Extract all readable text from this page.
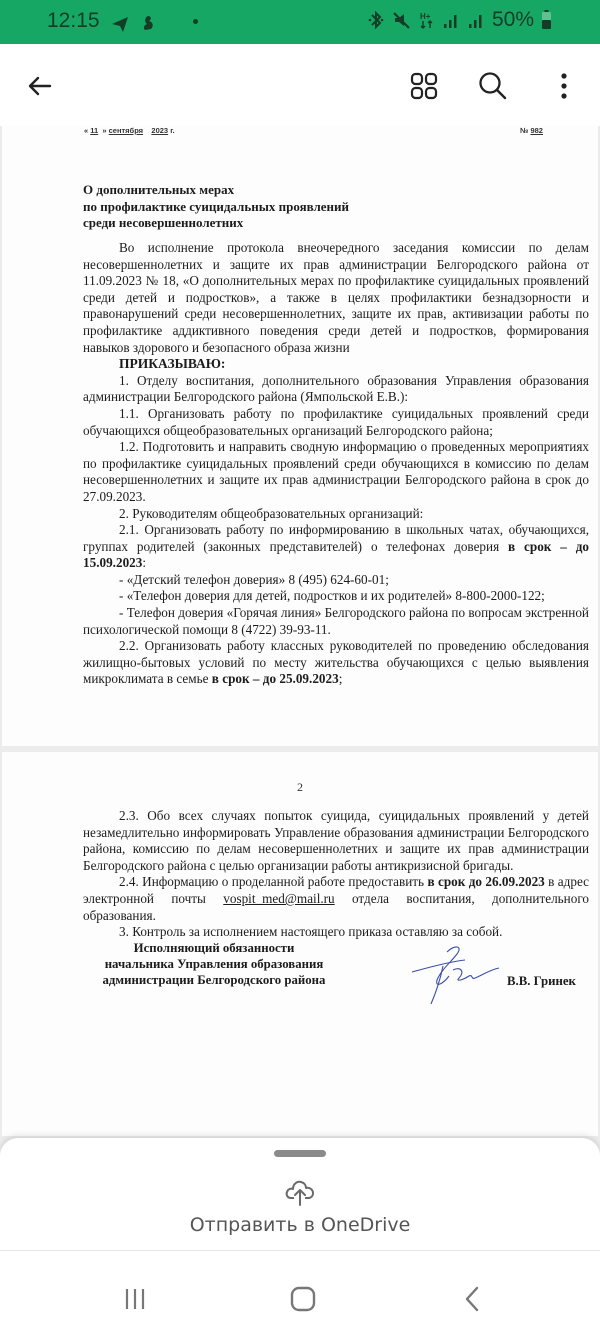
12:15	H+	50%
« 11 » сентября 2023 г.	№ 982
О дополнительных мерах
по профилактике суицидальных проявлений
среди несовершеннолетних

Во исполнение протокола внеочередного заседания комиссии по делам несовершеннолетних и защите их прав администрации Белгородского района от 11.09.2023 № 18, «О дополнительных мерах по профилактике суицидальных проявлений среди детей и подростков», а также в целях профилактики безнадзорности и правонарушений среди несовершеннолетних, защите их прав, активизации работы по профилактике аддиктивного поведения среди детей и подростков, формирования навыков здорового и безопасного образа жизни

ПРИКАЗЫВАЮ:

1. Отделу воспитания, дополнительного образования Управления образования администрации Белгородского района (Ямпольской Е.В.):

1.1. Организовать работу по профилактике суицидальных проявлений среди обучающихся общеобразовательных организаций Белгородского района;

1.2. Подготовить и направить сводную информацию о проведенных мероприятиях по профилактике суицидальных проявлений среди обучающихся в комиссию по делам несовершеннолетних и защите их прав администрации Белгородского района в срок до 27.09.2023.

2. Руководителям общеобразовательных организаций:

2.1. Организовать работу по информированию в школьных чатах, обучающихся, группах родителей (законных представителей) о телефонах доверия в срок – до 15.09.2023:

- «Детский телефон доверия» 8 (495) 624-60-01;

- «Телефон доверия для детей, подростков и их родителей» 8-800-2000-122;

- Телефон доверия «Горячая линия» Белгородского района по вопросам экстренной психологической помощи 8 (4722) 39-93-11.

2.2. Организовать работу классных руководителей по проведению обследования жилищно-бытовых условий по месту жительства обучающихся с целью выявления микроклимата в семье в срок – до 25.09.2023;

2

2.3. Обо всех случаях попыток суицида, суицидальных проявлений у детей незамедлительно информировать Управление образования администрации Белгородского района, комиссию по делам несовершеннолетних и защите их прав администрации Белгородского района с целью организации работы антикризисной бригады.

2.4. Информацию о проделанной работе предоставить в срок до 26.09.2023 в адрес электронной почты vospit_med@mail.ru отдела воспитания, дополнительного образования.

3. Контроль за исполнением настоящего приказа оставляю за собой.

Исполняющий обязанности
начальника Управления образования
администрации Белгородского района	В.В. Гринек
Отправить в OneDrive
